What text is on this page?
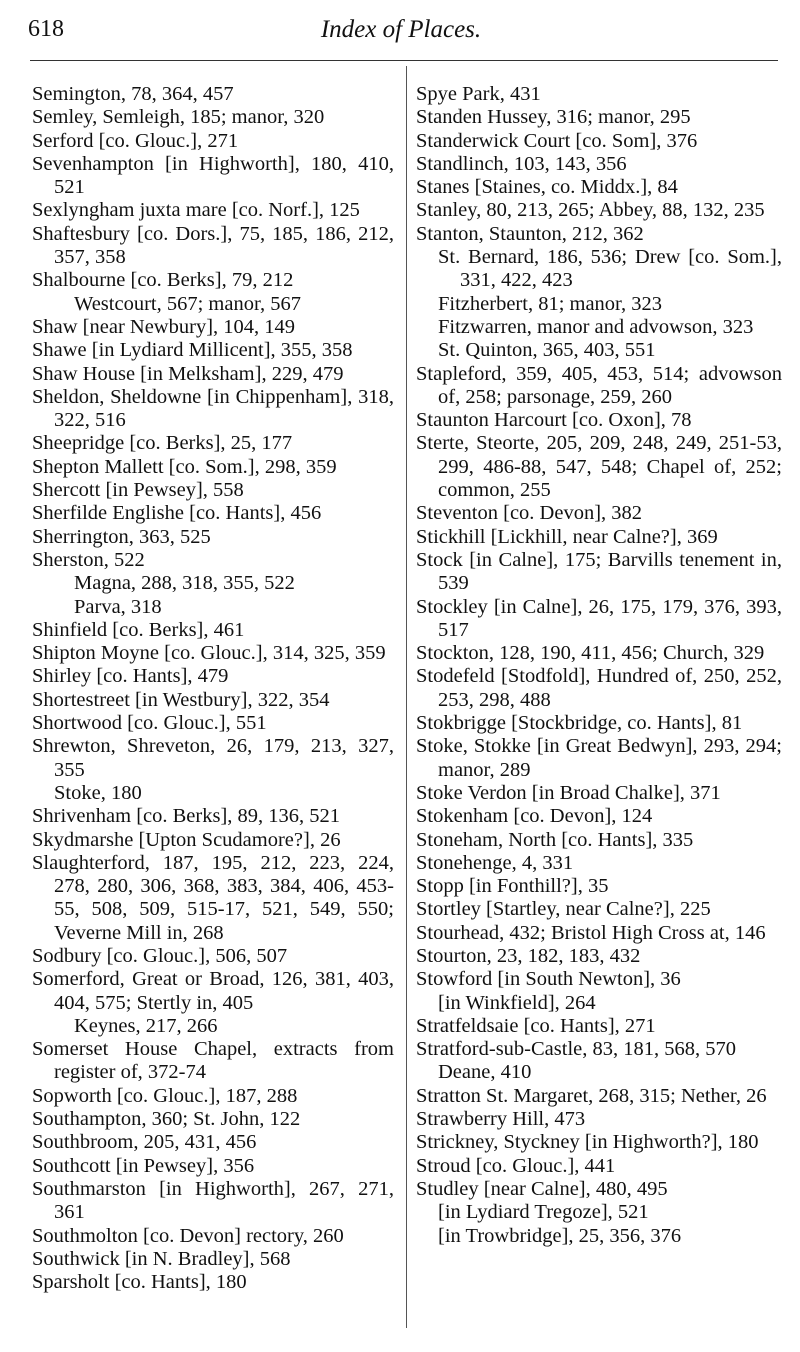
618	Index of Places.
Semington, 78, 364, 457
Semley, Semleigh, 185; manor, 320
Serford [co. Glouc.], 271
Sevenhampton [in Highworth], 180, 410, 521
Sexlyngham juxta mare [co. Norf.], 125
Shaftesbury [co. Dors.], 75, 185, 186, 212, 357, 358
Shalbourne [co. Berks], 79, 212
Westcourt, 567; manor, 567
Shaw [near Newbury], 104, 149
Shawe [in Lydiard Millicent], 355, 358
Shaw House [in Melksham], 229, 479
Sheldon, Sheldowne [in Chippenham], 318, 322, 516
Sheepridge [co. Berks], 25, 177
Shepton Mallett [co. Som.], 298, 359
Shercott [in Pewsey], 558
Sherfilde Englishe [co. Hants], 456
Sherrington, 363, 525
Sherston, 522
Magna, 288, 318, 355, 522
Parva, 318
Shinfield [co. Berks], 461
Shipton Moyne [co. Glouc.], 314, 325, 359
Shirley [co. Hants], 479
Shortestreet [in Westbury], 322, 354
Shortwood [co. Glouc.], 551
Shrewton, Shreveton, 26, 179, 213, 327, 355
Stoke, 180
Shrivenham [co. Berks], 89, 136, 521
Skydmarshe [Upton Scudamore?], 26
Slaughterford, 187, 195, 212, 223, 224, 278, 280, 306, 368, 383, 384, 406, 453-55, 508, 509, 515-17, 521, 549, 550; Veverne Mill in, 268
Sodbury [co. Glouc.], 506, 507
Somerford, Great or Broad, 126, 381, 403, 404, 575; Stertly in, 405
Keynes, 217, 266
Somerset House Chapel, extracts from register of, 372-74
Sopworth [co. Glouc.], 187, 288
Southampton, 360; St. John, 122
Southbroom, 205, 431, 456
Southcott [in Pewsey], 356
Southmarston [in Highworth], 267, 271, 361
Southmolton [co. Devon] rectory, 260
Southwick [in N. Bradley], 568
Sparsholt [co. Hants], 180
Spye Park, 431
Standen Hussey, 316; manor, 295
Standerwick Court [co. Som], 376
Standlinch, 103, 143, 356
Stanes [Staines, co. Middx.], 84
Stanley, 80, 213, 265; Abbey, 88, 132, 235
Stanton, Staunton, 212, 362
St. Bernard, 186, 536; Drew [co. Som.], 331, 422, 423
Fitzherbert, 81; manor, 323
Fitzwarren, manor and advowson, 323
St. Quinton, 365, 403, 551
Stapleford, 359, 405, 453, 514; advowson of, 258; parsonage, 259, 260
Staunton Harcourt [co. Oxon], 78
Sterte, Steorte, 205, 209, 248, 249, 251-53, 299, 486-88, 547, 548; Chapel of, 252; common, 255
Steventon [co. Devon], 382
Stickhill [Lickhill, near Calne?], 369
Stock [in Calne], 175; Barvills tenement in, 539
Stockley [in Calne], 26, 175, 179, 376, 393, 517
Stockton, 128, 190, 411, 456; Church, 329
Stodefeld [Stodfold], Hundred of, 250, 252, 253, 298, 488
Stokbrigge [Stockbridge, co. Hants], 81
Stoke, Stokke [in Great Bedwyn], 293, 294; manor, 289
Stoke Verdon [in Broad Chalke], 371
Stokenham [co. Devon], 124
Stoneham, North [co. Hants], 335
Stonehenge, 4, 331
Stopp [in Fonthill?], 35
Stortley [Startley, near Calne?], 225
Stourhead, 432; Bristol High Cross at, 146
Stourton, 23, 182, 183, 432
Stowford [in South Newton], 36
[in Winkfield], 264
Stratfeldsaie [co. Hants], 271
Stratford-sub-Castle, 83, 181, 568, 570
Deane, 410
Stratton St. Margaret, 268, 315; Nether, 26
Strawberry Hill, 473
Strickney, Styckney [in Highworth?], 180
Stroud [co. Glouc.], 441
Studley [near Calne], 480, 495
[in Lydiard Tregoze], 521
[in Trowbridge], 25, 356, 376
